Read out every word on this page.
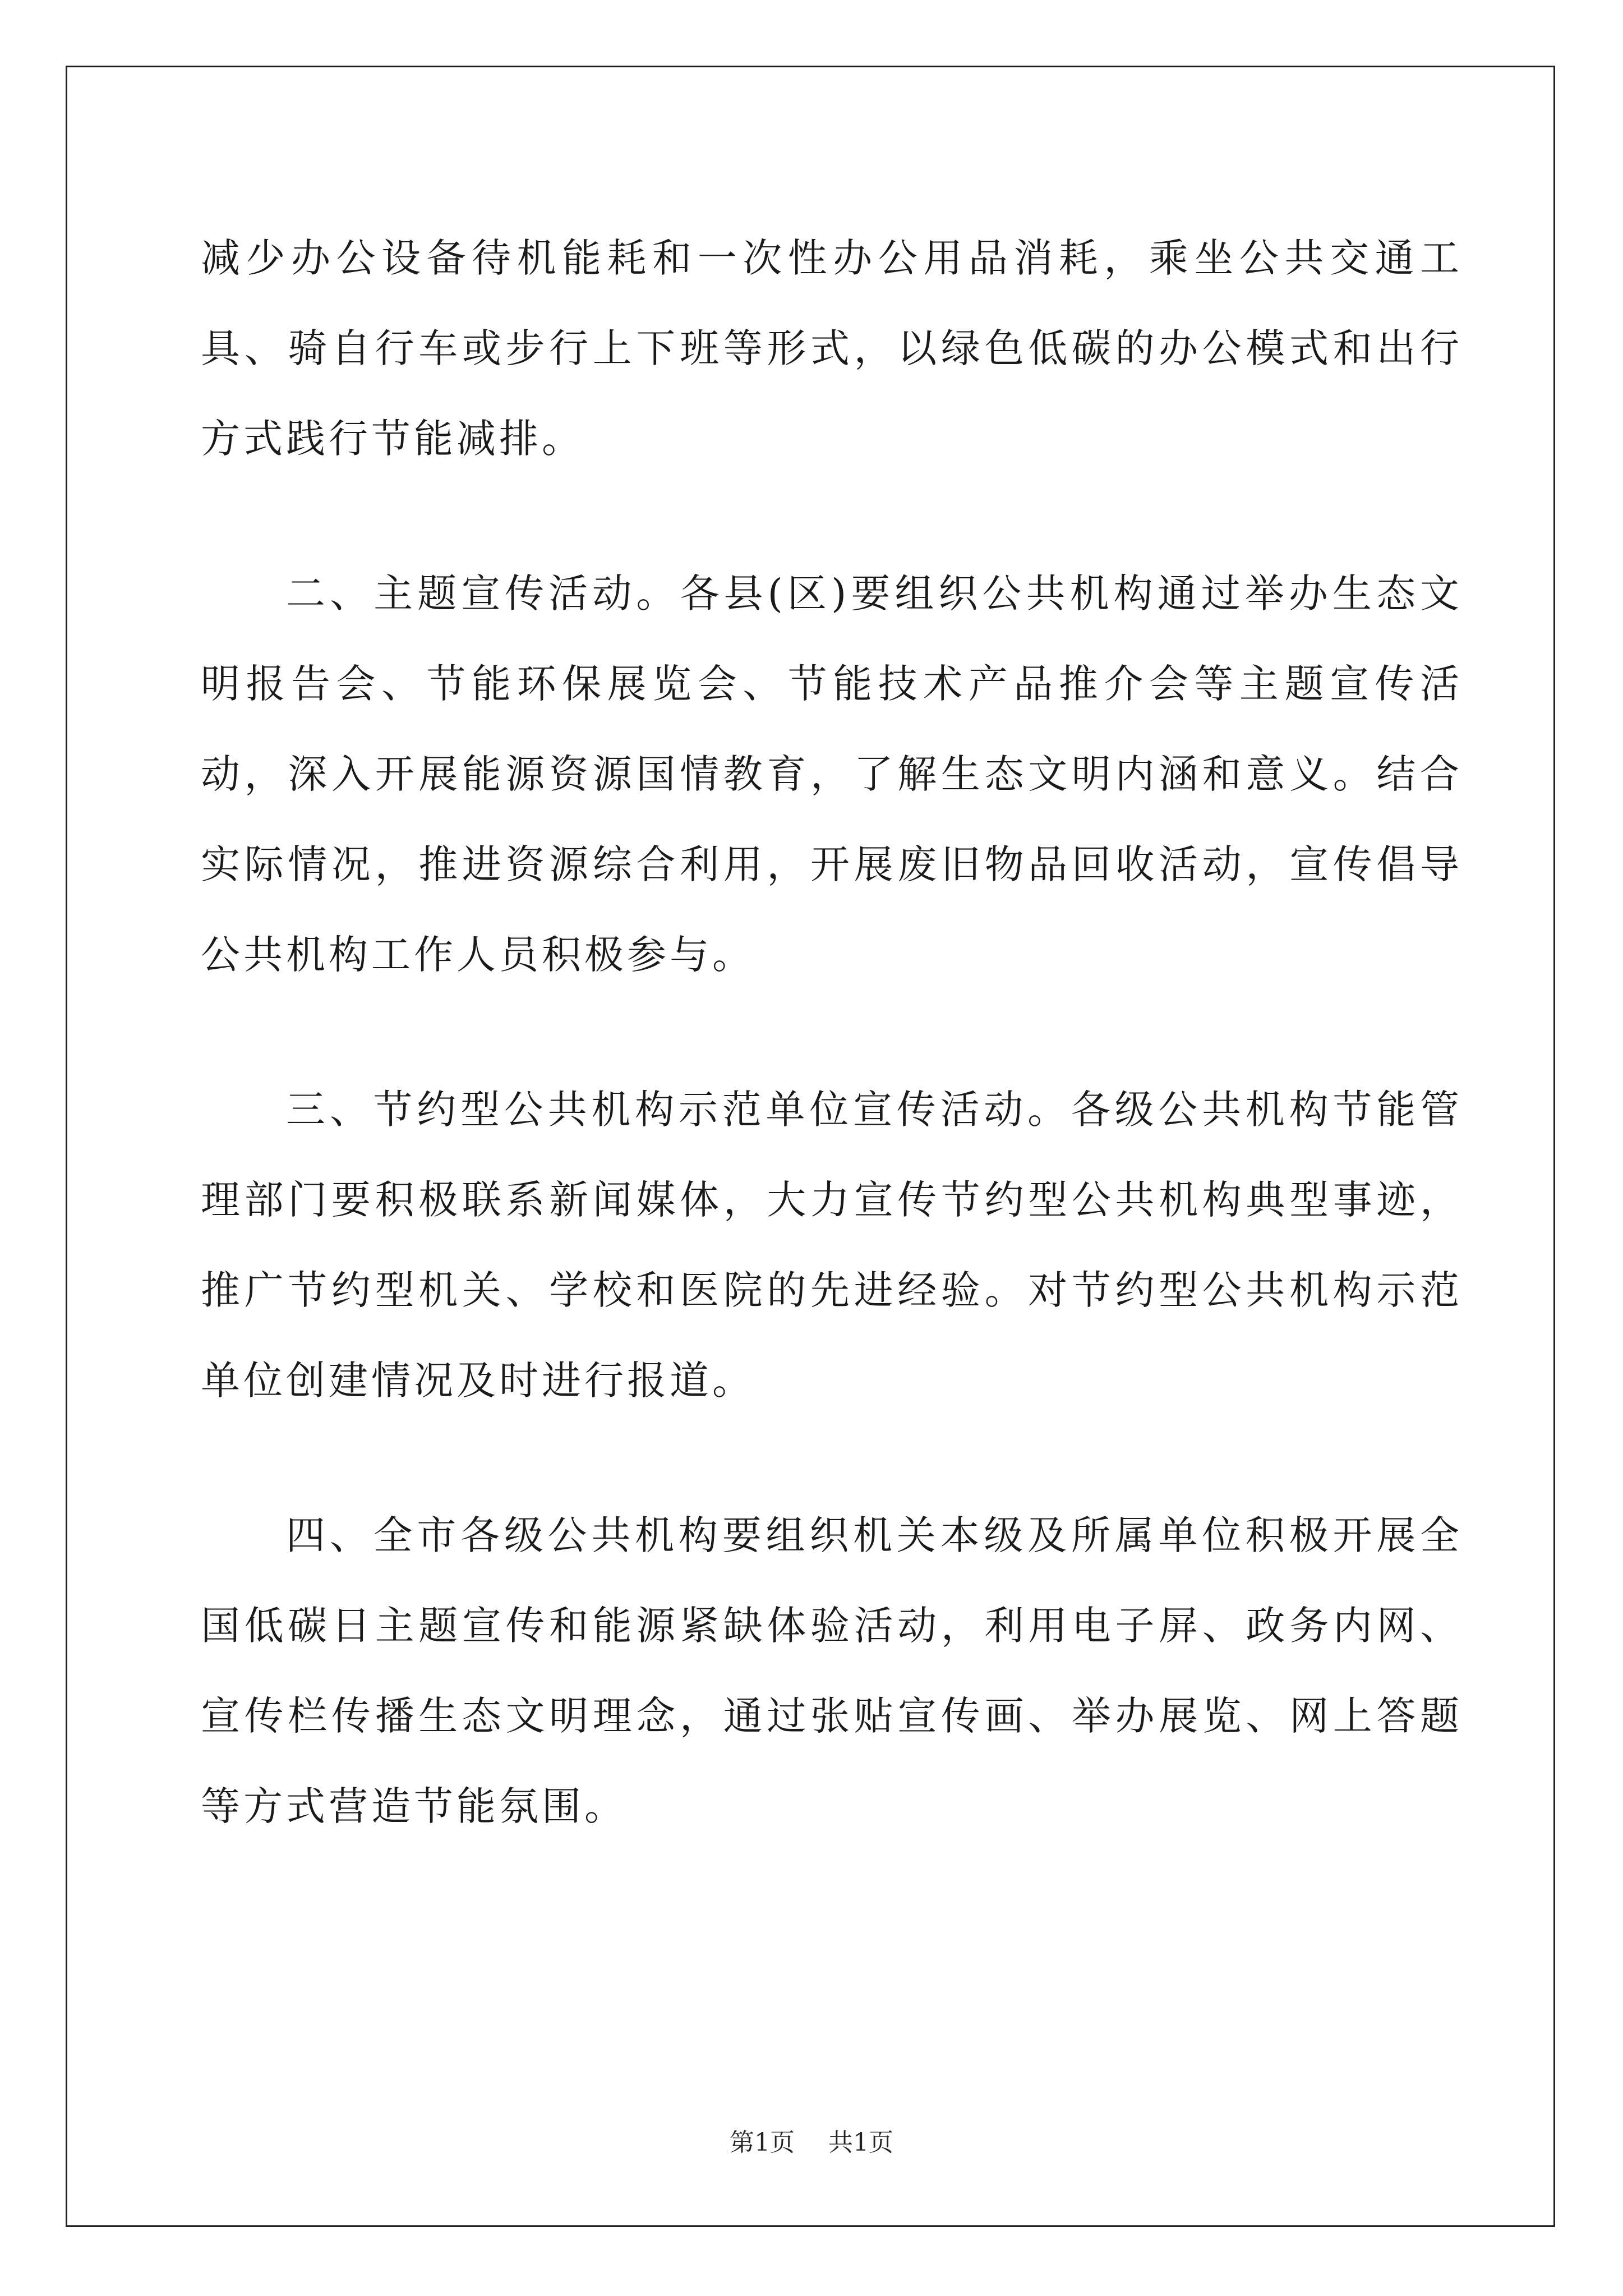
减少办公设备待机能耗和一次性办公用品消耗，乘坐公共交通工具、骑自行车或步行上下班等形式，以绿色低碳的办公模式和出行方式践行节能减排。

二、主题宣传活动。各县(区)要组织公共机构通过举办生态文明报告会、节能环保展览会、节能技术产品推介会等主题宣传活动，深入开展能源资源国情教育，了解生态文明内涵和意义。结合实际情况，推进资源综合利用，开展废旧物品回收活动，宣传倡导公共机构工作人员积极参与。

三、节约型公共机构示范单位宣传活动。各级公共机构节能管理部门要积极联系新闻媒体，大力宣传节约型公共机构典型事迹，推广节约型机关、学校和医院的先进经验。对节约型公共机构示范单位创建情况及时进行报道。

四、全市各级公共机构要组织机关本级及所属单位积极开展全国低碳日主题宣传和能源紧缺体验活动，利用电子屏、政务内网、宣传栏传播生态文明理念，通过张贴宣传画、举办展览、网上答题等方式营造节能氛围。

第1页 共1页
